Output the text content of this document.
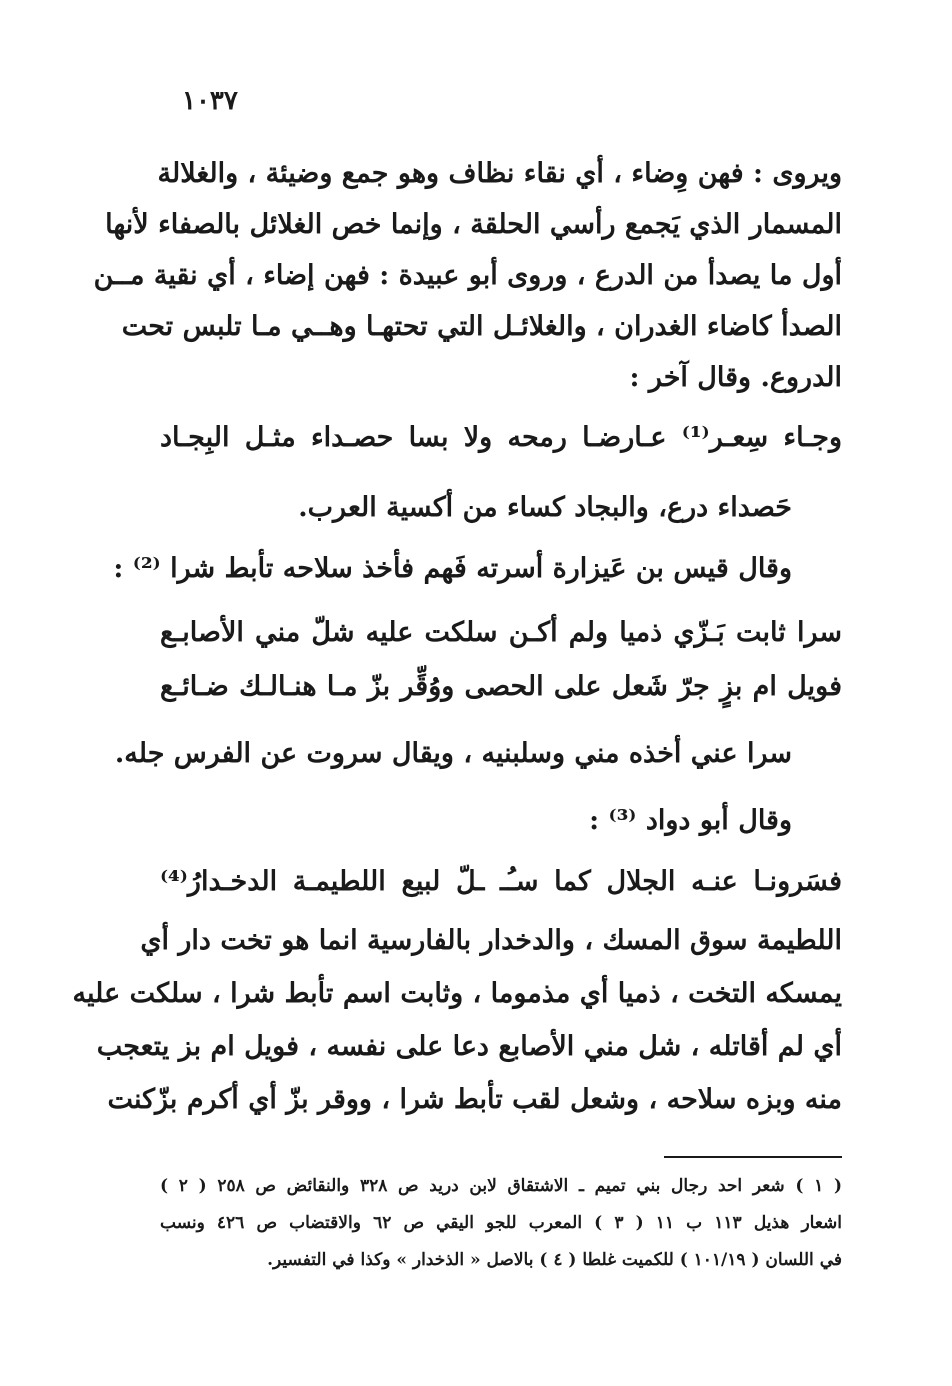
١٠٣٧
ويروى : فهن وِضاء ، أي نقاء نظاف وهو جمع وضيئة ، والغلالة
المسمار الذي يَجمع رأسي الحلقة ، وإنما خص الغلائل بالصفاء لأنها
أول ما يصدأ من الدرع ، وروى أبو عبيدة : فهن إضاء ، أي نقية مــن
الصدأ كاضاء الغدران ، والغلائـل التي تحتهـا وهــي مـا تلبس تحت
الدروع. وقال آخر :
وجـاء سِعـر⁽¹⁾ عـارضـا رمحه ولا بسا حصـداء مثـل البِجـاد
حَصداء درع، والبجاد كساء من أكسية العرب.
وقال قيس بن عَيزارة أسرته فَهم فأخذ سلاحه تأبط شرا ⁽²⁾ :
سرا ثابت بَـزّي ذميا ولم أكـن سلكت عليه شلّ مني الأصابـع
فويل ام بزٍ جرّ شَعل على الحصى ووُقِّر بزّ مـا هنـالـك ضـائـع
سرا عني أخذه مني وسلبنيه ، ويقال سروت عن الفرس جله.
وقال أبو دواد ⁽³⁾ :
فسَرونـا عنـه الجلال كما سـُـ ـلّ لبيع اللطيمـة الدخـدارُ⁽⁴⁾
اللطيمة سوق المسك ، والدخدار بالفارسية انما هو تخت دار أي
يمسكه التخت ، ذميا أي مذموما ، وثابت اسم تأبط شرا ، سلكت عليه
أي لم أقاتله ، شل مني الأصابع دعا على نفسه ، فويل ام بز يتعجب
منه وبزه سلاحه ، وشعل لقب تأبط شرا ، ووقر بزّ أي أكرم بزّكنت
( ١ ) شعر احد رجال بني تميم ـ الاشتقاق لابن دريد ص ٣٢٨ والنقائض ص ٢٥٨ ( ٢ )
اشعار هذيل ١١٣ ب ١١ ( ٣ ) المعرب للجو اليقي ص ٦٢ والاقتضاب ص ٤٢٦ ونسب
في اللسان ( ١٠١/١٩ ) للكميت غلطا ( ٤ ) بالاصل « الذخدار » وكذا في التفسير.
